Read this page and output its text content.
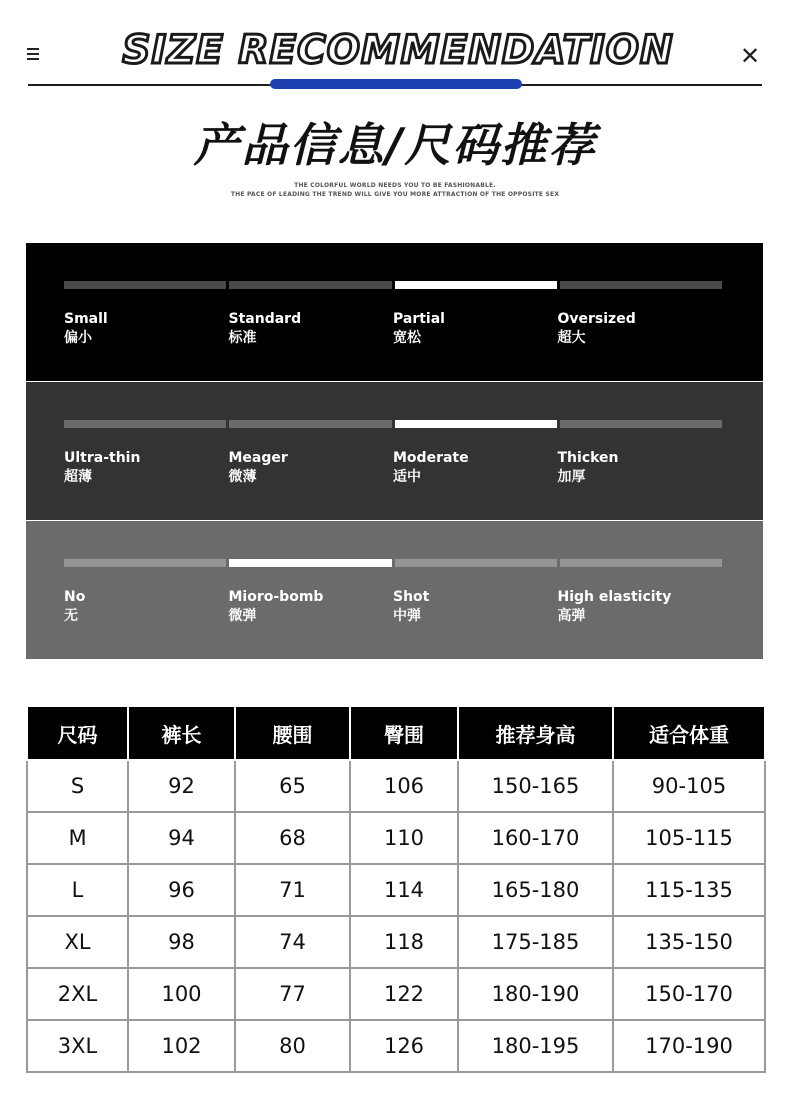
SIZE RECOMMENDATION	✕
产品信息/尺码推荐
THE COLORFUL WORLD NEEDS YOU TO BE FASHIONABLE.
THE PACE OF LEADING THE TREND WILL GIVE YOU MORE ATTRACTION OF THE OPPOSITE SEX
Small
偏小
Standard
标准
Partial
宽松
Oversized
超大
Ultra-thin
超薄
Meager
微薄
Moderate
适中
Thicken
加厚
No
无
Mioro-bomb
微弹
Shot
中弹
High elasticity
高弹
尺码	裤长	腰围	臀围	推荐身高	适合体重
S	92	65	106	150-165	90-105
M	94	68	110	160-170	105-115
L	96	71	114	165-180	115-135
XL	98	74	118	175-185	135-150
2XL	100	77	122	180-190	150-170
3XL	102	80	126	180-195	170-190
